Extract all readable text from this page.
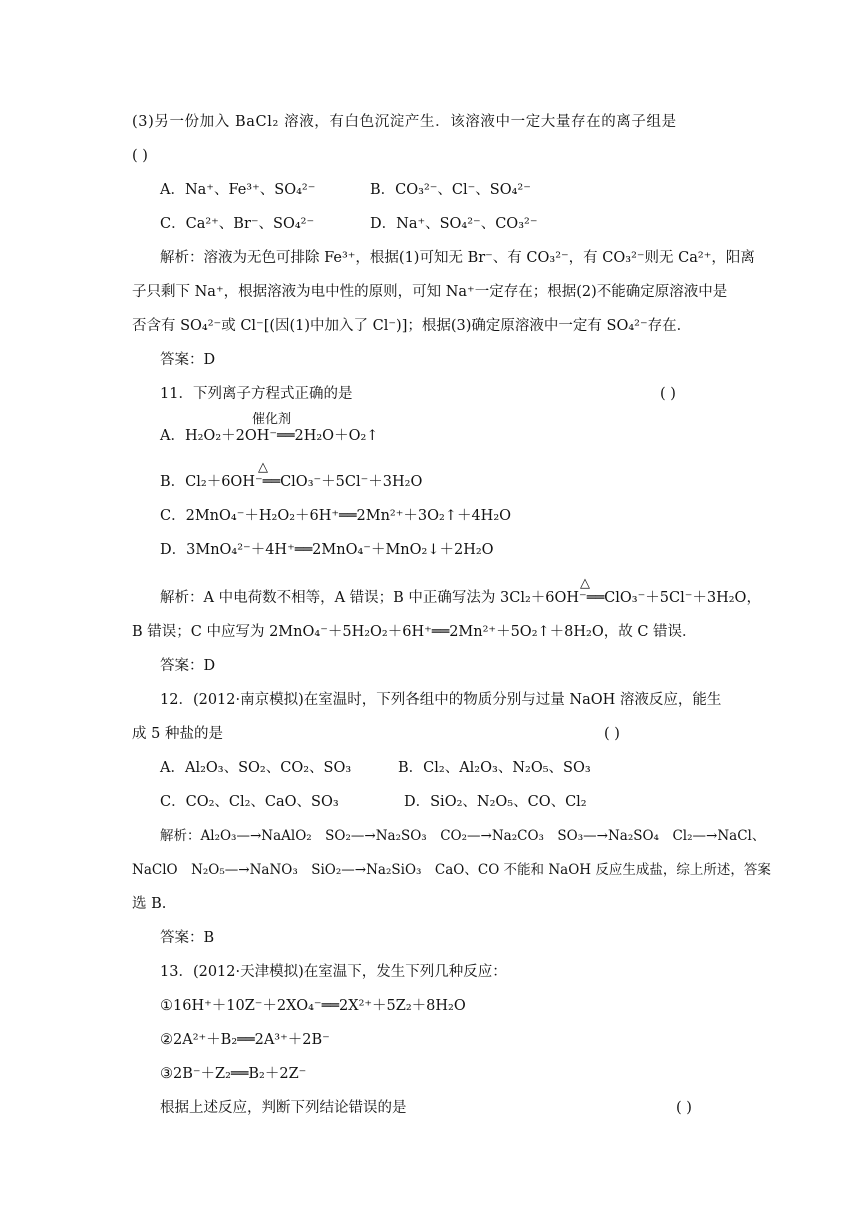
(3)另一份加入 BaCl₂ 溶液，有白色沉淀产生．该溶液中一定大量存在的离子组是
( )
A．Na⁺、Fe³⁺、SO₄²⁻	B．CO₃²⁻、Cl⁻、SO₄²⁻
C．Ca²⁺、Br⁻、SO₄²⁻	D．Na⁺、SO₄²⁻、CO₃²⁻
解析：溶液为无色可排除 Fe³⁺，根据(1)可知无 Br⁻、有 CO₃²⁻，有 CO₃²⁻则无 Ca²⁺，阳离
子只剩下 Na⁺，根据溶液为电中性的原则，可知 Na⁺一定存在；根据(2)不能确定原溶液中是
否含有 SO₄²⁻或 Cl⁻[(因(1)中加入了 Cl⁻)]；根据(3)确定原溶液中一定有 SO₄²⁻存在．
答案：D
11．下列离子方程式正确的是	( )
催化剂
A．H₂O₂＋2OH⁻══2H₂O＋O₂↑
△
B．Cl₂＋6OH⁻══ClO₃⁻＋5Cl⁻＋3H₂O
C．2MnO₄⁻＋H₂O₂＋6H⁺══2Mn²⁺＋3O₂↑＋4H₂O
D．3MnO₄²⁻＋4H⁺══2MnO₄⁻＋MnO₂↓＋2H₂O
△
解析：A 中电荷数不相等，A 错误；B 中正确写法为 3Cl₂＋6OH⁻══ClO₃⁻＋5Cl⁻＋3H₂O，
B 错误；C 中应写为 2MnO₄⁻＋5H₂O₂＋6H⁺══2Mn²⁺＋5O₂↑＋8H₂O，故 C 错误．
答案：D
12．(2012·南京模拟)在室温时，下列各组中的物质分别与过量 NaOH 溶液反应，能生
成 5 种盐的是	( )
A．Al₂O₃、SO₂、CO₂、SO₃	B．Cl₂、Al₂O₃、N₂O₅、SO₃
C．CO₂、Cl₂、CaO、SO₃	D．SiO₂、N₂O₅、CO、Cl₂
解析：Al₂O₃—→NaAlO₂　SO₂—→Na₂SO₃　CO₂—→Na₂CO₃　SO₃—→Na₂SO₄　Cl₂—→NaCl、
NaClO　N₂O₅—→NaNO₃　SiO₂—→Na₂SiO₃　CaO、CO 不能和 NaOH 反应生成盐，综上所述，答案
选 B.
答案：B
13．(2012·天津模拟)在室温下，发生下列几种反应：
①16H⁺＋10Z⁻＋2XO₄⁻══2X²⁺＋5Z₂＋8H₂O
②2A²⁺＋B₂══2A³⁺＋2B⁻
③2B⁻＋Z₂══B₂＋2Z⁻
根据上述反应，判断下列结论错误的是	( )
